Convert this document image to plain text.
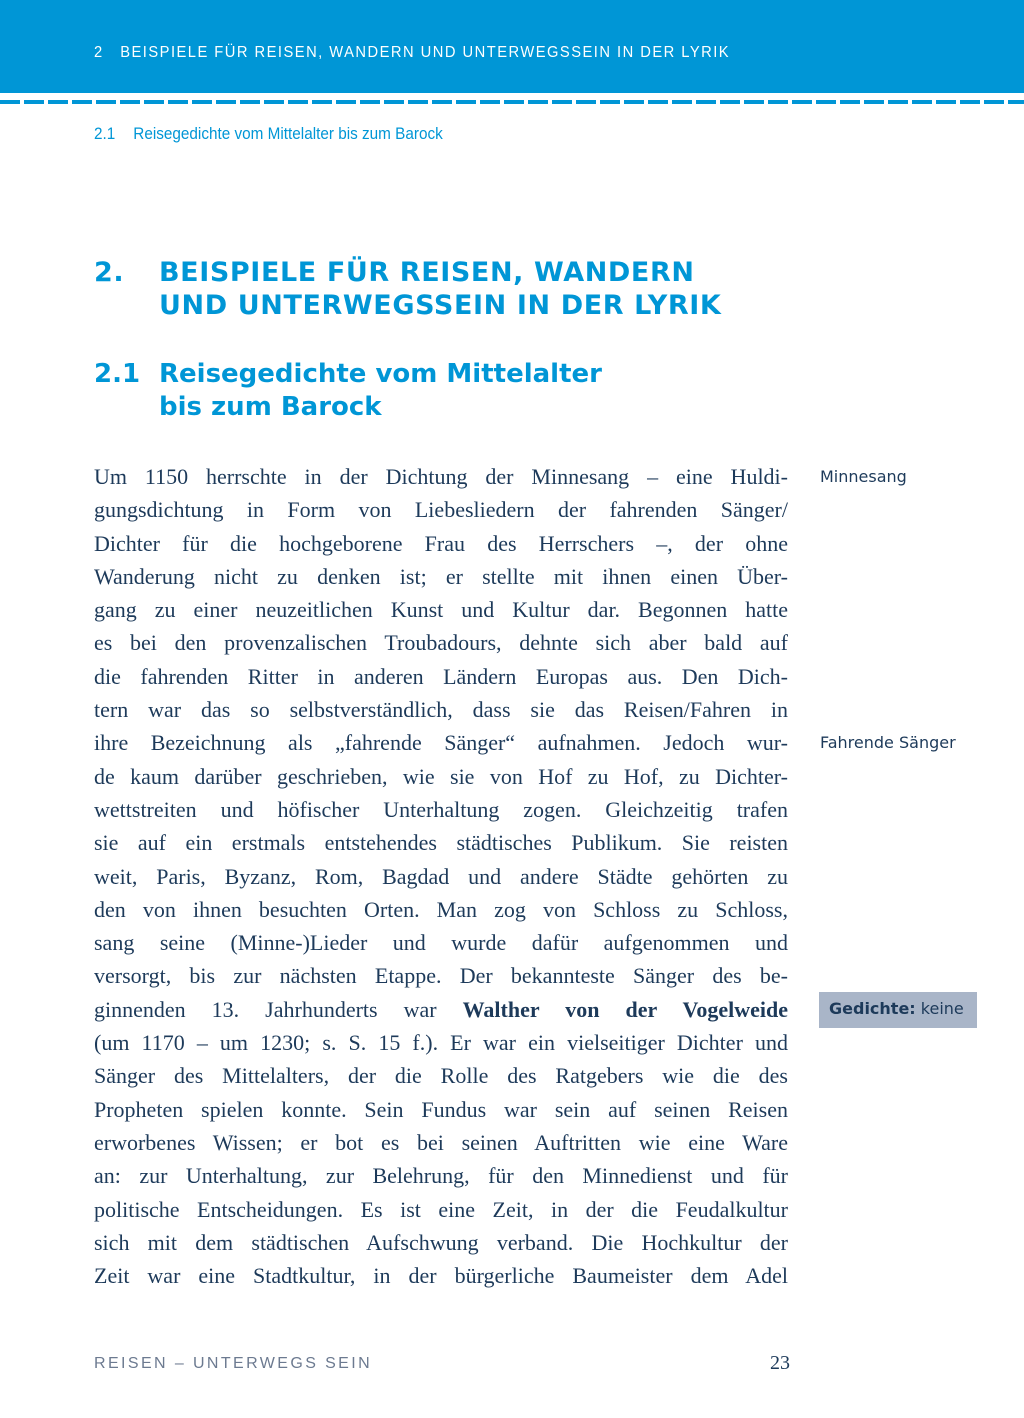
2 BEISPIELE FÜR REISEN, WANDERN UND UNTERWEGSSEIN IN DER LYRIK
2.1 Reisegedichte vom Mittelalter bis zum Barock
2. BEISPIELE FÜR REISEN, WANDERN
UND UNTERWEGSSEIN IN DER LYRIK
2.1 Reisegedichte vom Mittelalter
bis zum Barock
Um 1150 herrschte in der Dichtung der Minnesang – eine Huldi-
gungsdichtung in Form von Liebesliedern der fahrenden Sänger/
Dichter für die hochgeborene Frau des Herrschers –, der ohne
Wanderung nicht zu denken ist; er stellte mit ihnen einen Über-
gang zu einer neuzeitlichen Kunst und Kultur dar. Begonnen hatte
es bei den provenzalischen Troubadours, dehnte sich aber bald auf
die fahrenden Ritter in anderen Ländern Europas aus. Den Dich-
tern war das so selbstverständlich, dass sie das Reisen/Fahren in
ihre Bezeichnung als „fahrende Sänger“ aufnahmen. Jedoch wur-
de kaum darüber geschrieben, wie sie von Hof zu Hof, zu Dichter-
wettstreiten und höfischer Unterhaltung zogen. Gleichzeitig trafen
sie auf ein erstmals entstehendes städtisches Publikum. Sie reisten
weit, Paris, Byzanz, Rom, Bagdad und andere Städte gehörten zu
den von ihnen besuchten Orten. Man zog von Schloss zu Schloss,
sang seine (Minne-)Lieder und wurde dafür aufgenommen und
versorgt, bis zur nächsten Etappe. Der bekannteste Sänger des be-
ginnenden 13. Jahrhunderts war Walther von der Vogelweide
(um 1170 – um 1230; s. S. 15 f.). Er war ein vielseitiger Dichter und
Sänger des Mittelalters, der die Rolle des Ratgebers wie die des
Propheten spielen konnte. Sein Fundus war sein auf seinen Reisen
erworbenes Wissen; er bot es bei seinen Auftritten wie eine Ware
an: zur Unterhaltung, zur Belehrung, für den Minnedienst und für
politische Entscheidungen. Es ist eine Zeit, in der die Feudalkultur
sich mit dem städtischen Aufschwung verband. Die Hochkultur der
Zeit war eine Stadtkultur, in der bürgerliche Baumeister dem Adel
Minnesang
Fahrende Sänger
Gedichte: keine
REISEN – UNTERWEGS SEIN	23
